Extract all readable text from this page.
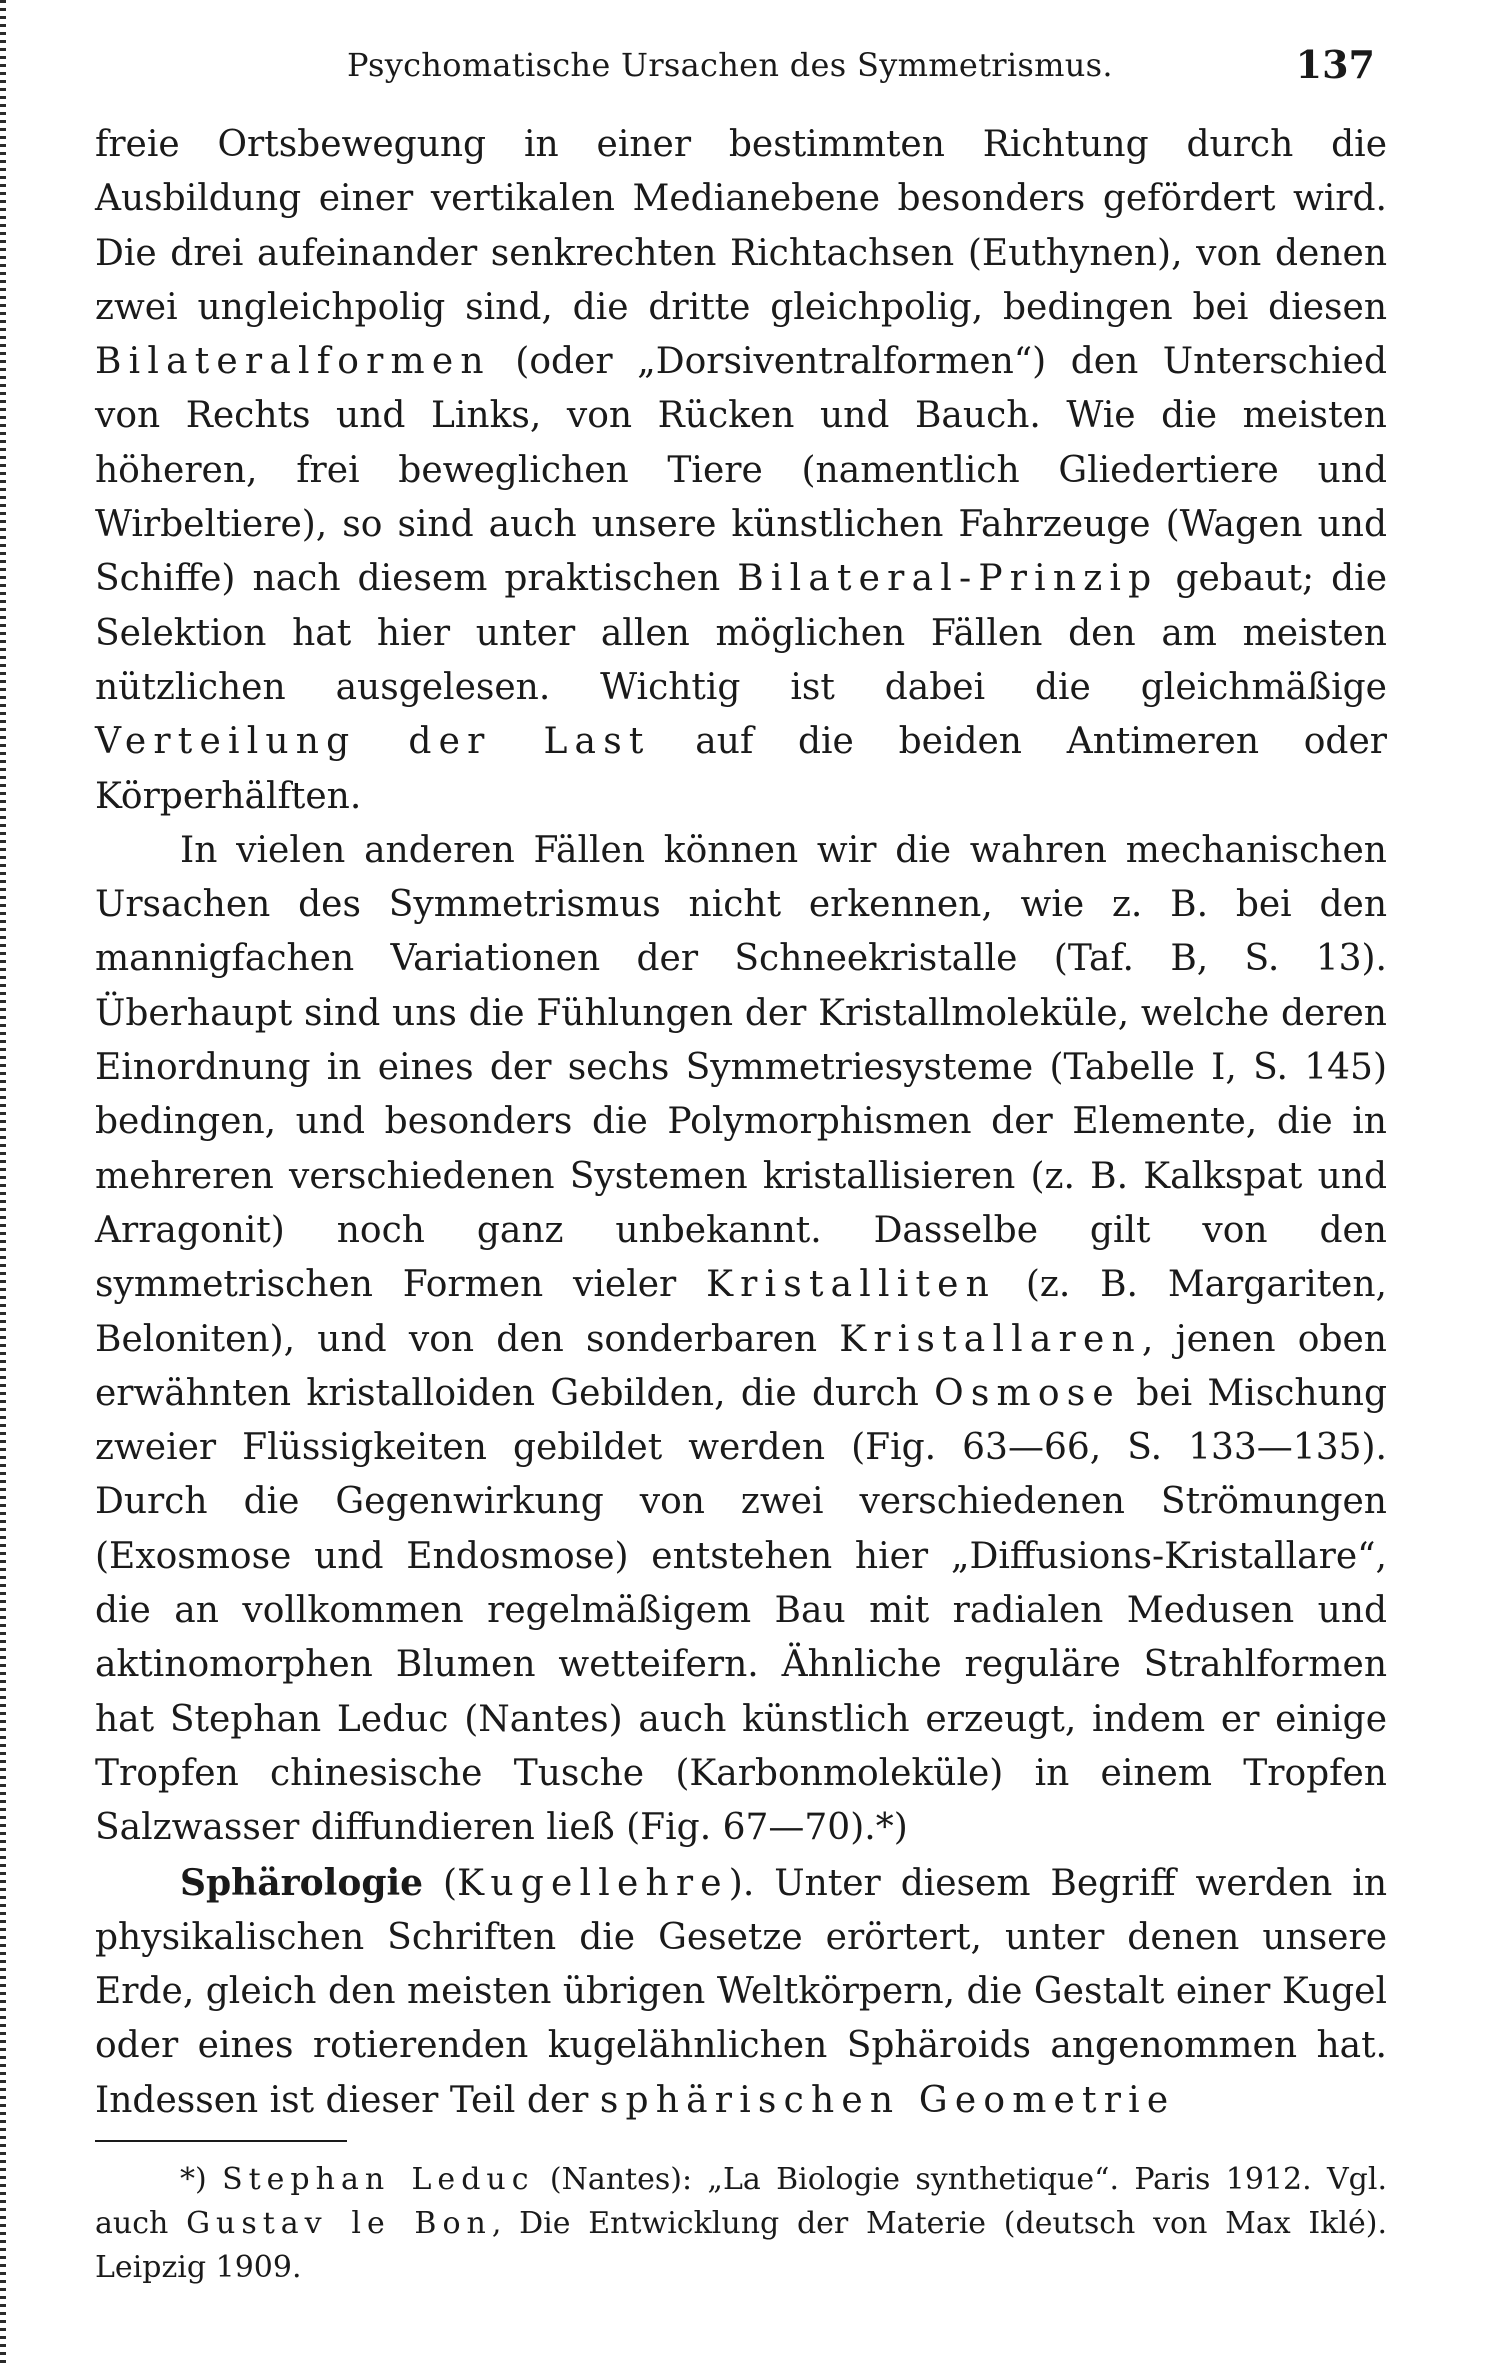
Psychomatische Ursachen des Symmetrismus.	137

freie Ortsbewegung in einer bestimmten Richtung durch die Ausbildung einer vertikalen Medianebene besonders gefördert wird. Die drei aufeinander senkrechten Richtachsen (Euthynen), von denen zwei ungleichpolig sind, die dritte gleichpolig, bedingen bei diesen Bilateralformen (oder „Dorsiventralformen“) den Unterschied von Rechts und Links, von Rücken und Bauch. Wie die meisten höheren, frei beweglichen Tiere (namentlich Gliedertiere und Wirbeltiere), so sind auch unsere künstlichen Fahrzeuge (Wagen und Schiffe) nach diesem praktischen Bilateral-Prinzip gebaut; die Selektion hat hier unter allen möglichen Fällen den am meisten nützlichen ausgelesen. Wichtig ist dabei die gleichmäßige Verteilung der Last auf die beiden Antimeren oder Körperhälften.

In vielen anderen Fällen können wir die wahren mechanischen Ursachen des Symmetrismus nicht erkennen, wie z. B. bei den mannigfachen Variationen der Schneekristalle (Taf. B, S. 13). Überhaupt sind uns die Fühlungen der Kristallmoleküle, welche deren Einordnung in eines der sechs Symmetriesysteme (Tabelle I, S. 145) bedingen, und besonders die Polymorphismen der Elemente, die in mehreren verschiedenen Systemen kristallisieren (z. B. Kalkspat und Arragonit) noch ganz unbekannt. Dasselbe gilt von den symmetrischen Formen vieler Kristalliten (z. B. Margariten, Beloniten), und von den sonderbaren Kristallaren, jenen oben erwähnten kristalloiden Gebilden, die durch Osmose bei Mischung zweier Flüssigkeiten gebildet werden (Fig. 63—66, S. 133—135). Durch die Gegenwirkung von zwei verschiedenen Strömungen (Exosmose und Endosmose) entstehen hier „Diffusions-Kristallare“, die an vollkommen regelmäßigem Bau mit radialen Medusen und aktinomorphen Blumen wetteifern. Ähnliche reguläre Strahlformen hat Stephan Leduc (Nantes) auch künstlich erzeugt, indem er einige Tropfen chinesische Tusche (Karbonmoleküle) in einem Tropfen Salzwasser diffundieren ließ (Fig. 67—70).*)

Sphärologie (Kugellehre). Unter diesem Begriff werden in physikalischen Schriften die Gesetze erörtert, unter denen unsere Erde, gleich den meisten übrigen Weltkörpern, die Gestalt einer Kugel oder eines rotierenden kugelähnlichen Sphäroids angenommen hat. Indessen ist dieser Teil der sphärischen Geometrie

*) Stephan Leduc (Nantes): „La Biologie synthetique“. Paris 1912. Vgl. auch Gustav le Bon, Die Entwicklung der Materie (deutsch von Max Iklé). Leipzig 1909.
